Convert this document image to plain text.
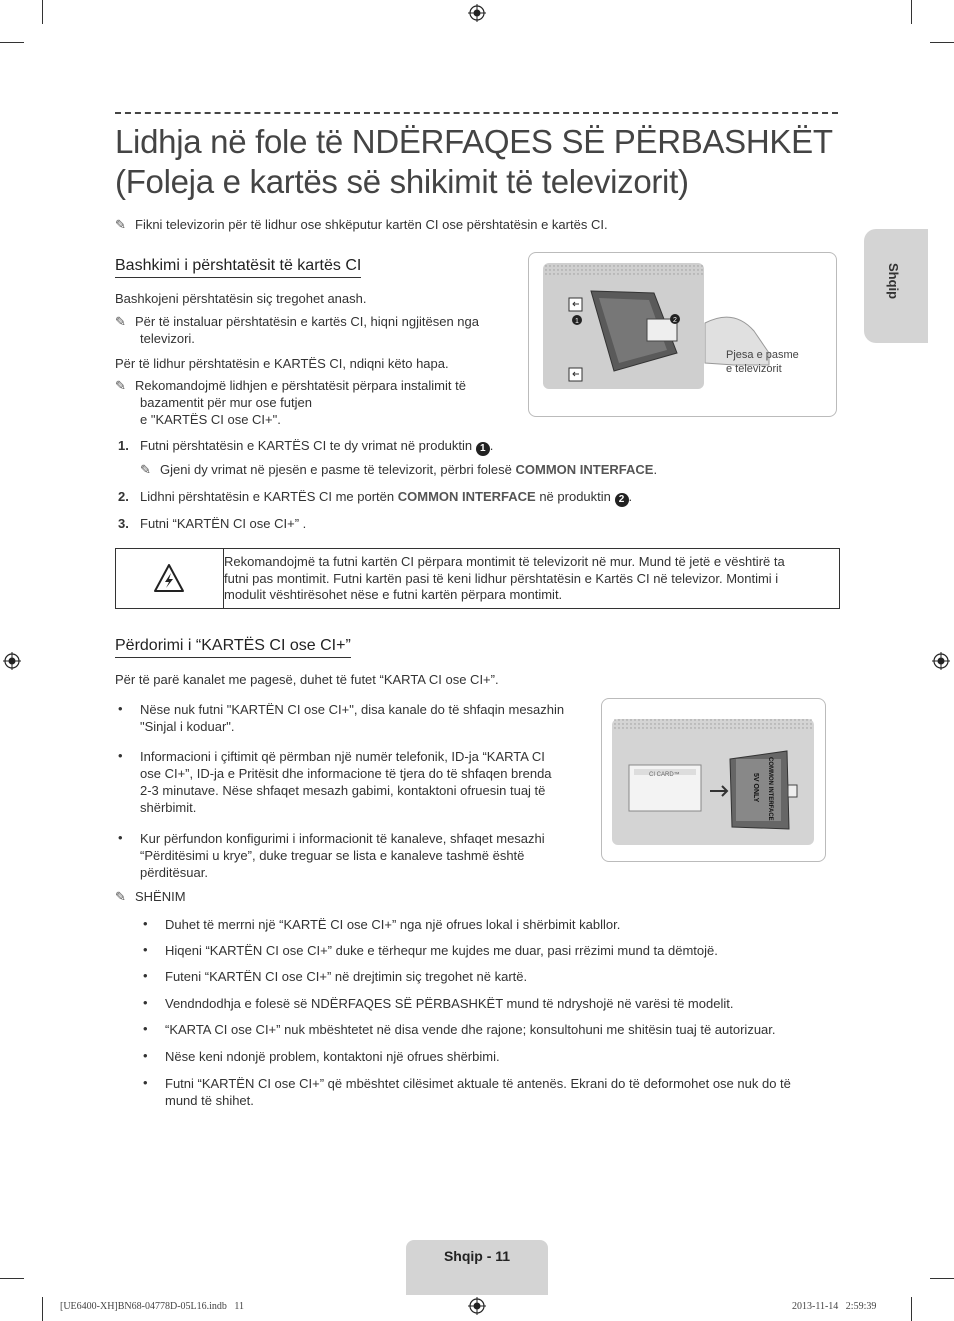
Lidhja në fole të NDËRFAQES SË PËRBASHKËT
(Foleja e kartës së shikimit të televizorit)
Shqip
✎ Fikni televizorin për të lidhur ose shkëputur kartën CI ose përshtatësin e kartës CI.
Bashkimi i përshtatësit të kartës CI
Bashkojeni përshtatësin siç tregohet anash.
✎ Për të instaluar përshtatësin e kartës CI, hiqni ngjitësen nga
televizori.
Për të lidhur përshtatësin e KARTËS CI, ndiqni këto hapa.
✎ Rekomandojmë lidhjen e përshtatësit përpara instalimit të
bazamentit për mur ose futjen
e "KARTËS CI ose CI+".
1	2
Pjesa e pasme
e televizorit
1. Futni përshtatësin e KARTËS CI te dy vrimat në produktin 1 .
✎ Gjeni dy vrimat në pjesën e pasme të televizorit, përbri folesë COMMON INTERFACE.
2. Lidhni përshtatësin e KARTËS CI me portën COMMON INTERFACE në produktin 2 .
3. Futni “KARTËN CI ose CI+” .
Rekomandojmë ta futni kartën CI përpara montimit të televizorit në mur. Mund të jetë e vështirë ta
futni pas montimit. Futni kartën pasi të keni lidhur përshtatësin e Kartës CI në televizor. Montimi i
modulit vështirësohet nëse e futni kartën përpara montimit.
Përdorimi i “KARTËS CI ose CI+”
Për të parë kanalet me pagesë, duhet të futet “KARTA CI ose CI+”.
• Nëse nuk futni "KARTËN CI ose CI+", disa kanale do të shfaqin mesazhin
"Sinjal i koduar".
• Informacioni i çiftimit që përmban një numër telefonik, ID-ja “KARTA CI
ose CI+”, ID-ja e Pritësit dhe informacione të tjera do të shfaqen brenda
2-3 minutave. Nëse shfaqet mesazh gabimi, kontaktoni ofruesin tuaj të
shërbimit.
• Kur përfundon konfigurimi i informacionit të kanaleve, shfaqet mesazhi
“Përditësimi u krye”, duke treguar se lista e kanaleve tashmë është
përditësuar.
CI CARD™	COMMON INTERFACE
5V ONLY
✎ SHËNIM
• Duhet të merrni një “KARTË CI ose CI+” nga një ofrues lokal i shërbimit kabllor.
• Hiqeni “KARTËN CI ose CI+” duke e tërhequr me kujdes me duar, pasi rrëzimi mund ta dëmtojë.
• Futeni “KARTËN CI ose CI+” në drejtimin siç tregohet në kartë.
• Vendndodhja e folesë së NDËRFAQES SË PËRBASHKËT mund të ndryshojë në varësi të modelit.
• “KARTA CI ose CI+” nuk mbështetet në disa vende dhe rajone; konsultohuni me shitësin tuaj të autorizuar.
• Nëse keni ndonjë problem, kontaktoni një ofrues shërbimi.
• Futni “KARTËN CI ose CI+” që mbështet cilësimet aktuale të antenës. Ekrani do të deformohet ose nuk do të
mund të shihet.
Shqip - 11
[UE6400-XH]BN68-04778D-05L16.indb   11	2013-11-14   2:59:39
